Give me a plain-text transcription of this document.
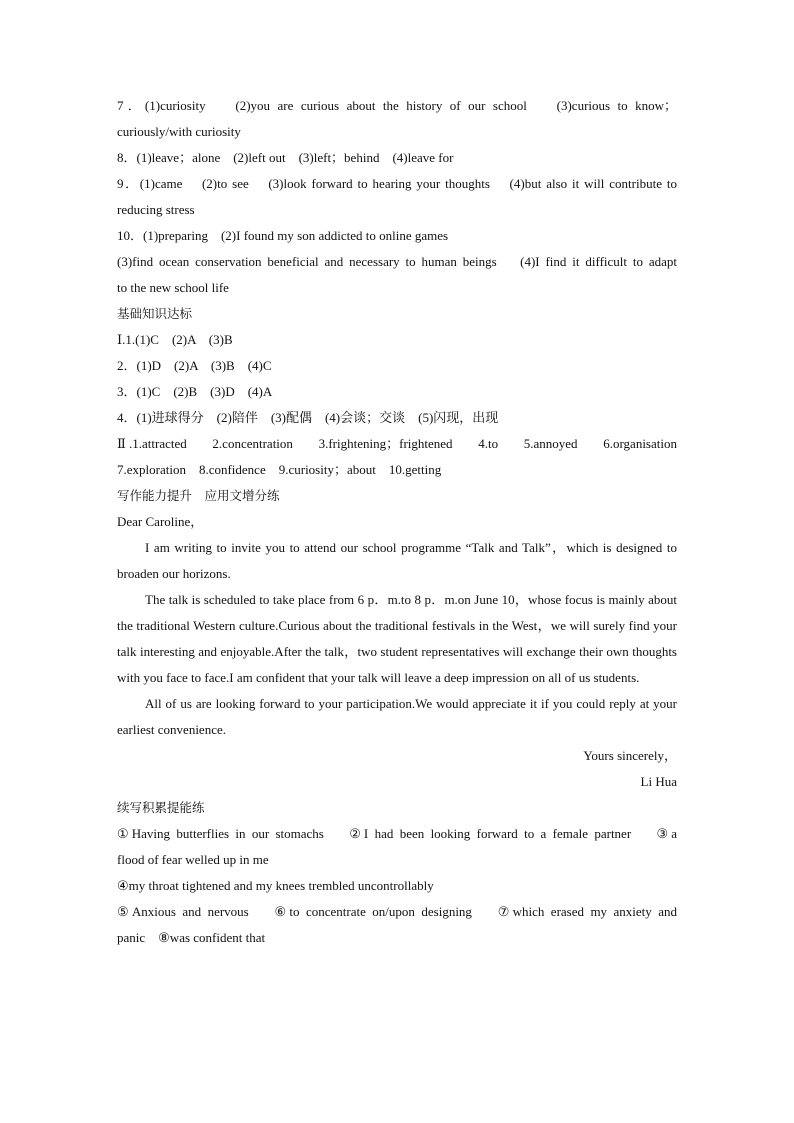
7．(1)curiosity    (2)you are curious about the history of our school    (3)curious to know；
curiously/with curiosity
8．(1)leave；alone    (2)left out    (3)left；behind    (4)leave for
9．(1)came    (2)to see    (3)look forward to hearing your thoughts    (4)but also it will contribute to
reducing stress
10．(1)preparing    (2)I found my son addicted to online games
(3)find ocean conservation beneficial and necessary to human beings    (4)I find it difficult to adapt
to the new school life
基础知识达标
Ⅰ.1.(1)C    (2)A    (3)B
2．(1)D    (2)A    (3)B    (4)C
3．(1)C    (2)B    (3)D    (4)A
4．(1)进球得分    (2)陪伴    (3)配偶    (4)会谈；交谈    (5)闪现，出现
Ⅱ.1.attracted    2.concentration    3.frightening；frightened    4.to    5.annoyed    6.organisation
7.exploration    8.confidence    9.curiosity；about    10.getting
写作能力提升　应用文增分练
Dear Caroline，
I am writing to invite you to attend our school programme “Talk and Talk”，which is designed to broaden our horizons.
The talk is scheduled to take place from 6 p．m.to 8 p．m.on June 10，whose focus is mainly about the traditional Western culture.Curious about the traditional festivals in the West，we will surely find your talk interesting and enjoyable.After the talk，two student representatives will exchange their own thoughts with you face to face.I am confident that your talk will leave a deep impression on all of us students.
All of us are looking forward to your participation.We would appreciate it if you could reply at your earliest convenience.
Yours sincerely，
Li Hua
续写积累提能练
①Having butterflies in our stomachs    ②I had been looking forward to a female partner    ③a
flood of fear welled up in me
④my throat tightened and my knees trembled uncontrollably
⑤Anxious and nervous    ⑥to concentrate on/upon designing    ⑦which erased my anxiety and
panic    ⑧was confident that
